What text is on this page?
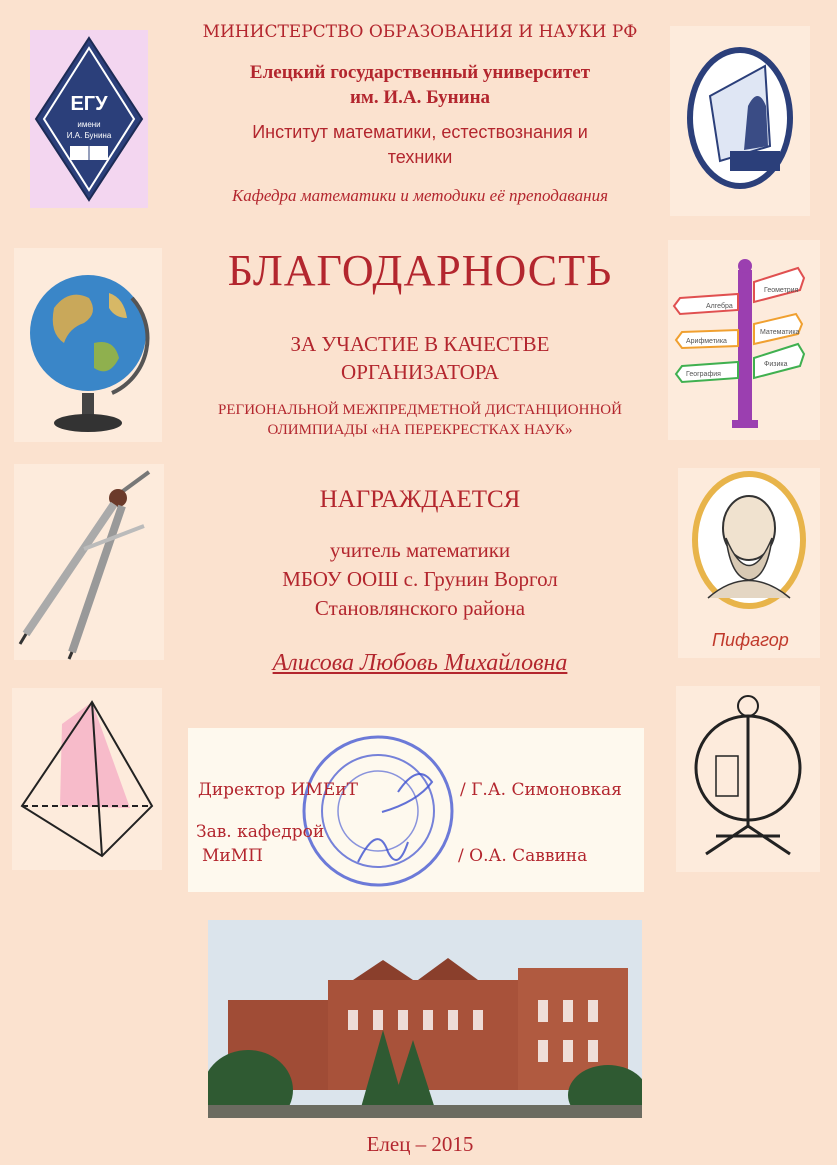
ЕГУ
имени
И.А. Бунина
МИНИСТЕРСТВО ОБРАЗОВАНИЯ И НАУКИ РФ
Елецкий государственный университет
им. И.А. Бунина
Институт математики, естествознания и
техники
Кафедра математики и методики её преподавания
Алгебра
Геометрия
Арифметика
Математика
География
Физика
БЛАГОДАРНОСТЬ
ЗА УЧАСТИЕ В КАЧЕСТВЕ
ОРГАНИЗАТОРА
РЕГИОНАЛЬНОЙ МЕЖПРЕДМЕТНОЙ ДИСТАНЦИОННОЙ
ОЛИМПИАДЫ «НА ПЕРЕКРЕСТКАХ НАУК»
Пифагор
НАГРАЖДАЕТСЯ
учитель математики
МБОУ ООШ с. Грунин Воргол
Становлянского района
Алисова Любовь Михайловна
Директор ИМЕиТ	/ Г.А. Симоновкая
Зав. кафедрой
МиМП	/ О.А. Саввина
Елец – 2015
